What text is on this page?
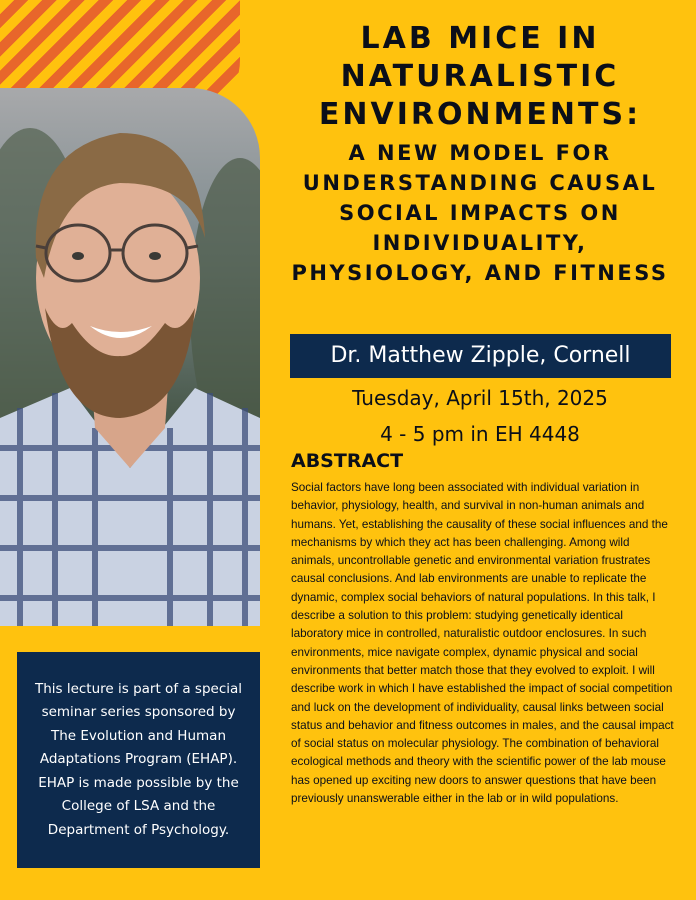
LAB MICE IN NATURALISTIC ENVIRONMENTS:
A NEW MODEL FOR UNDERSTANDING CAUSAL SOCIAL IMPACTS ON INDIVIDUALITY, PHYSIOLOGY, AND FITNESS
Dr. Matthew Zipple, Cornell
Tuesday, April 15th, 2025
4 - 5 pm in EH 4448
ABSTRACT

Social factors have long been associated with individual variation in behavior, physiology, health, and survival in non-human animals and humans. Yet, establishing the causality of these social influences and the mechanisms by which they act has been challenging. Among wild animals, uncontrollable genetic and environmental variation frustrates causal conclusions. And lab environments are unable to replicate the dynamic, complex social behaviors of natural populations. In this talk, I describe a solution to this problem: studying genetically identical laboratory mice in controlled, naturalistic outdoor enclosures. In such environments, mice navigate complex, dynamic physical and social environments that better match those that they evolved to exploit. I will describe work in which I have established the impact of social competition and luck on the development of individuality, causal links between social status and behavior and fitness outcomes in males, and the causal impact of social status on molecular physiology. The combination of behavioral ecological methods and theory with the scientific power of the lab mouse has opened up exciting new doors to answer questions that have been previously unanswerable either in the lab or in wild populations.

This lecture is part of a special seminar series sponsored by The Evolution and Human Adaptations Program (EHAP). EHAP is made possible by the College of LSA and the Department of Psychology.
